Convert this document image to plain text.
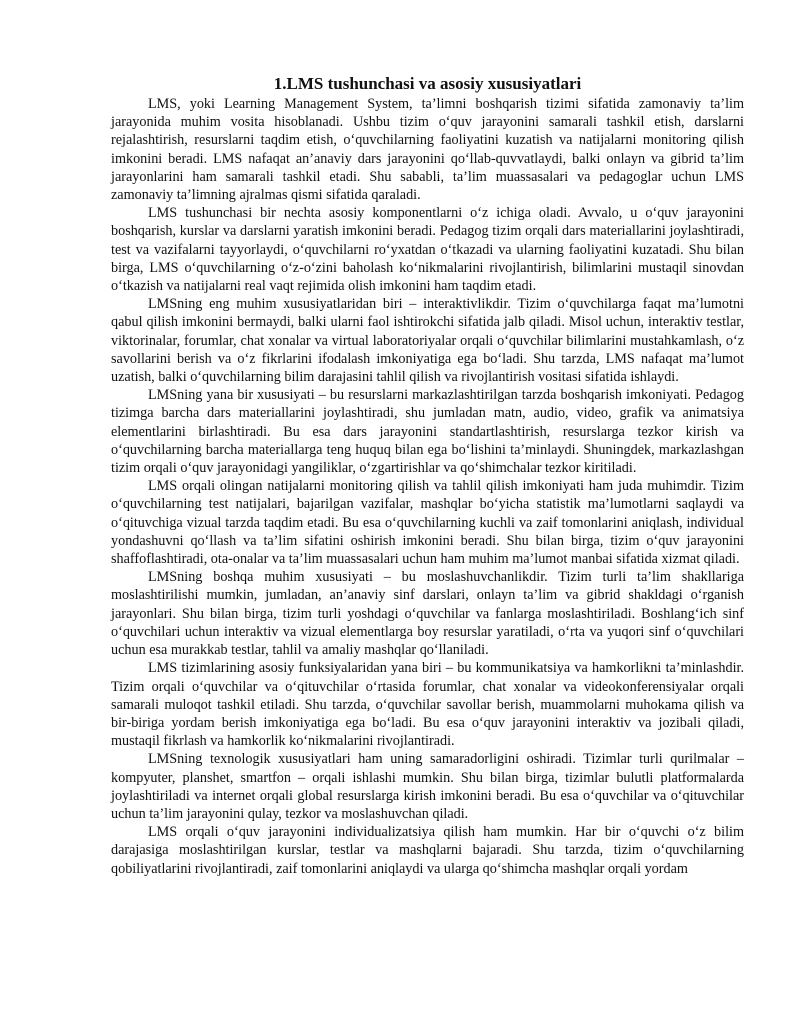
1.LMS tushunchasi va asosiy xususiyatlari

LMS, yoki Learning Management System, ta’limni boshqarish tizimi sifatida zamonaviy ta’lim jarayonida muhim vosita hisoblanadi. Ushbu tizim o‘quv jarayonini samarali tashkil etish, darslarni rejalashtirish, resurslarni taqdim etish, o‘quvchilarning faoliyatini kuzatish va natijalarni monitoring qilish imkonini beradi. LMS nafaqat an’anaviy dars jarayonini qo‘llab-quvvatlaydi, balki onlayn va gibrid ta’lim jarayonlarini ham samarali tashkil etadi. Shu sababli, ta’lim muassasalari va pedagoglar uchun LMS zamonaviy ta’limning ajralmas qismi sifatida qaraladi.

LMS tushunchasi bir nechta asosiy komponentlarni o‘z ichiga oladi. Avvalo, u o‘quv jarayonini boshqarish, kurslar va darslarni yaratish imkonini beradi. Pedagog tizim orqali dars materiallarini joylashtiradi, test va vazifalarni tayyorlaydi, o‘quvchilarni ro‘yxatdan o‘tkazadi va ularning faoliyatini kuzatadi. Shu bilan birga, LMS o‘quvchilarning o‘z-o‘zini baholash ko‘nikmalarini rivojlantirish, bilimlarini mustaqil sinovdan o‘tkazish va natijalarni real vaqt rejimida olish imkonini ham taqdim etadi.

LMSning eng muhim xususiyatlaridan biri – interaktivlikdir. Tizim o‘quvchilarga faqat ma’lumotni qabul qilish imkonini bermaydi, balki ularni faol ishtirokchi sifatida jalb qiladi. Misol uchun, interaktiv testlar, viktorinalar, forumlar, chat xonalar va virtual laboratoriyalar orqali o‘quvchilar bilimlarini mustahkamlash, o‘z savollarini berish va o‘z fikrlarini ifodalash imkoniyatiga ega bo‘ladi. Shu tarzda, LMS nafaqat ma’lumot uzatish, balki o‘quvchilarning bilim darajasini tahlil qilish va rivojlantirish vositasi sifatida ishlaydi.

LMSning yana bir xususiyati – bu resurslarni markazlashtirilgan tarzda boshqarish imkoniyati. Pedagog tizimga barcha dars materiallarini joylashtiradi, shu jumladan matn, audio, video, grafik va animatsiya elementlarini birlashtiradi. Bu esa dars jarayonini standartlashtirish, resurslarga tezkor kirish va o‘quvchilarning barcha materiallarga teng huquq bilan ega bo‘lishini ta’minlaydi. Shuningdek, markazlashgan tizim orqali o‘quv jarayonidagi yangiliklar, o‘zgartirishlar va qo‘shimchalar tezkor kiritiladi.

LMS orqali olingan natijalarni monitoring qilish va tahlil qilish imkoniyati ham juda muhimdir. Tizim o‘quvchilarning test natijalari, bajarilgan vazifalar, mashqlar bo‘yicha statistik ma’lumotlarni saqlaydi va o‘qituvchiga vizual tarzda taqdim etadi. Bu esa o‘quvchilarning kuchli va zaif tomonlarini aniqlash, individual yondashuvni qo‘llash va ta’lim sifatini oshirish imkonini beradi. Shu bilan birga, tizim o‘quv jarayonini shaffoflashtiradi, ota-onalar va ta’lim muassasalari uchun ham muhim ma’lumot manbai sifatida xizmat qiladi.

LMSning boshqa muhim xususiyati – bu moslashuvchanlikdir. Tizim turli ta’lim shakllariga moslashtirilishi mumkin, jumladan, an’anaviy sinf darslari, onlayn ta’lim va gibrid shakldagi o‘rganish jarayonlari. Shu bilan birga, tizim turli yoshdagi o‘quvchilar va fanlarga moslashtiriladi. Boshlang‘ich sinf o‘quvchilari uchun interaktiv va vizual elementlarga boy resurslar yaratiladi, o‘rta va yuqori sinf o‘quvchilari uchun esa murakkab testlar, tahlil va amaliy mashqlar qo‘llaniladi.

LMS tizimlarining asosiy funksiyalaridan yana biri – bu kommunikatsiya va hamkorlikni ta’minlashdir. Tizim orqali o‘quvchilar va o‘qituvchilar o‘rtasida forumlar, chat xonalar va videokonferensiyalar orqali samarali muloqot tashkil etiladi. Shu tarzda, o‘quvchilar savollar berish, muammolarni muhokama qilish va bir-biriga yordam berish imkoniyatiga ega bo‘ladi. Bu esa o‘quv jarayonini interaktiv va jozibali qiladi, mustaqil fikrlash va hamkorlik ko‘nikmalarini rivojlantiradi.

LMSning texnologik xususiyatlari ham uning samaradorligini oshiradi. Tizimlar turli qurilmalar – kompyuter, planshet, smartfon – orqali ishlashi mumkin. Shu bilan birga, tizimlar bulutli platformalarda joylashtiriladi va internet orqali global resurslarga kirish imkonini beradi. Bu esa o‘quvchilar va o‘qituvchilar uchun ta’lim jarayonini qulay, tezkor va moslashuvchan qiladi.

LMS orqali o‘quv jarayonini individualizatsiya qilish ham mumkin. Har bir o‘quvchi o‘z bilim darajasiga moslashtirilgan kurslar, testlar va mashqlarni bajaradi. Shu tarzda, tizim o‘quvchilarning qobiliyatlarini rivojlantiradi, zaif tomonlarini aniqlaydi va ularga qo‘shimcha mashqlar orqali yordam
